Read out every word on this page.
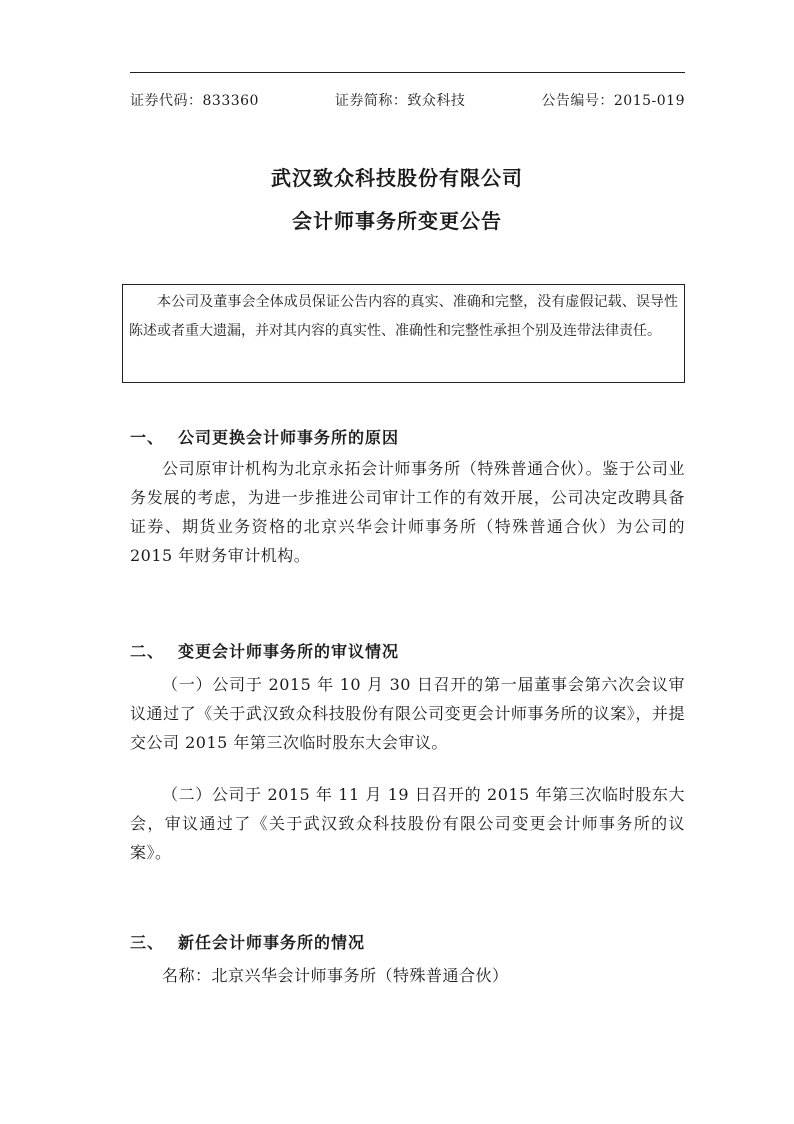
证券代码：833360	证券简称：致众科技	公告编号：2015-019
武汉致众科技股份有限公司
会计师事务所变更公告
本公司及董事会全体成员保证公告内容的真实、准确和完整，没有虚假记载、误导性陈述或者重大遗漏，并对其内容的真实性、准确性和完整性承担个别及连带法律责任。
一、 公司更换会计师事务所的原因
公司原审计机构为北京永拓会计师事务所（特殊普通合伙）。鉴于公司业务发展的考虑，为进一步推进公司审计工作的有效开展，公司决定改聘具备证券、期货业务资格的北京兴华会计师事务所（特殊普通合伙）为公司的 2015 年财务审计机构。
二、 变更会计师事务所的审议情况
（一）公司于 2015 年 10 月 30 日召开的第一届董事会第六次会议审议通过了《关于武汉致众科技股份有限公司变更会计师事务所的议案》，并提交公司 2015 年第三次临时股东大会审议。
（二）公司于 2015 年 11 月 19 日召开的 2015 年第三次临时股东大会，审议通过了《关于武汉致众科技股份有限公司变更会计师事务所的议案》。
三、 新任会计师事务所的情况
名称：北京兴华会计师事务所（特殊普通合伙）
